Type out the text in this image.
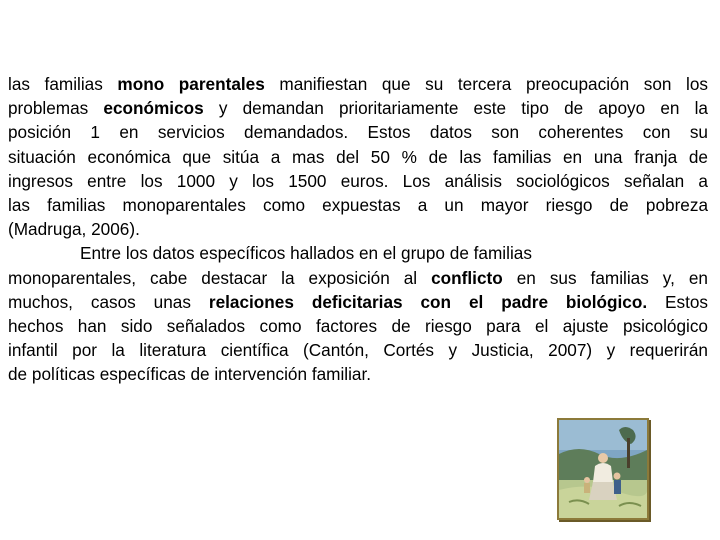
las familias mono parentales manifiestan que su tercera preocupación son los
problemas económicos y demandan prioritariamente este tipo de apoyo en la
posición 1 en servicios demandados. Estos datos son coherentes con su
situación económica que sitúa a mas del 50 % de las familias en una franja de
ingresos entre los 1000 y los 1500 euros. Los análisis sociológicos señalan a
las familias monoparentales como expuestas a un mayor riesgo de pobreza
(Madruga, 2006).
Entre los datos específicos hallados en el grupo de familias
monoparentales, cabe destacar la exposición al conflicto en sus familias y, en
muchos, casos unas relaciones deficitarias con el padre biológico. Estos
hechos han sido señalados como factores de riesgo para el ajuste psicológico
infantil por la literatura científica (Cantón, Cortés y Justicia, 2007) y requerirán
de políticas específicas de intervención familiar.
